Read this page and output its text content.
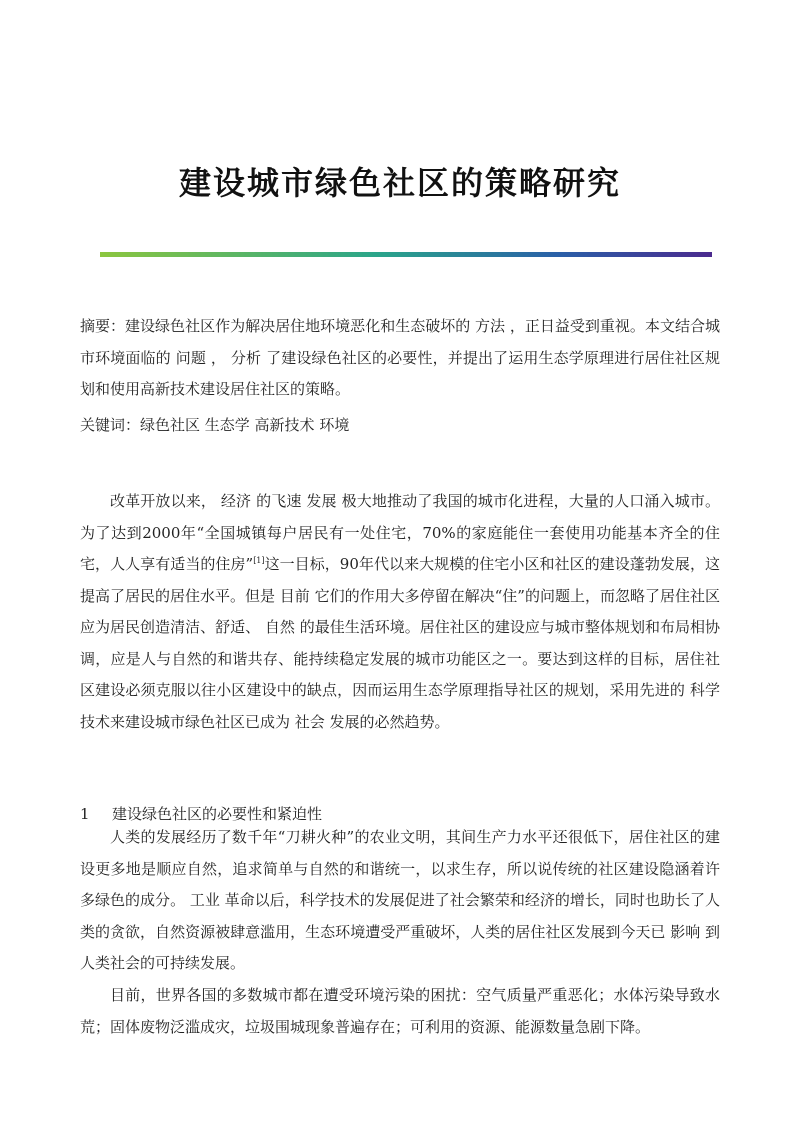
建设城市绿色社区的策略研究

摘要：建设绿色社区作为解决居住地环境恶化和生态破坏的 方法 ，正日益受到重视。本文结合城市环境面临的 问题 ， 分析 了建设绿色社区的必要性，并提出了运用生态学原理进行居住社区规划和使用高新技术建设居住社区的策略。

关键词：绿色社区 生态学 高新技术 环境

改革开放以来， 经济 的飞速 发展 极大地推动了我国的城市化进程，大量的人口涌入城市。为了达到2000年“全国城镇每户居民有一处住宅，70%的家庭能住一套使用功能基本齐全的住宅，人人享有适当的住房”[1]这一目标，90年代以来大规模的住宅小区和社区的建设蓬勃发展，这提高了居民的居住水平。但是 目前 它们的作用大多停留在解决“住”的问题上，而忽略了居住社区应为居民创造清洁、舒适、 自然 的最佳生活环境。居住社区的建设应与城市整体规划和布局相协调，应是人与自然的和谐共存、能持续稳定发展的城市功能区之一。要达到这样的目标，居住社区建设必须克服以往小区建设中的缺点，因而运用生态学原理指导社区的规划，采用先进的 科学 技术来建设城市绿色社区已成为 社会 发展的必然趋势。

1 建设绿色社区的必要性和紧迫性

人类的发展经历了数千年“刀耕火种”的农业文明，其间生产力水平还很低下，居住社区的建设更多地是顺应自然，追求简单与自然的和谐统一，以求生存，所以说传统的社区建设隐涵着许多绿色的成分。 工业 革命以后，科学技术的发展促进了社会繁荣和经济的增长，同时也助长了人类的贪欲，自然资源被肆意滥用，生态环境遭受严重破坏，人类的居住社区发展到今天已 影响 到人类社会的可持续发展。

目前，世界各国的多数城市都在遭受环境污染的困扰：空气质量严重恶化；水体污染导致水荒；固体废物泛滥成灾，垃圾围城现象普遍存在；可利用的资源、能源数量急剧下降。
